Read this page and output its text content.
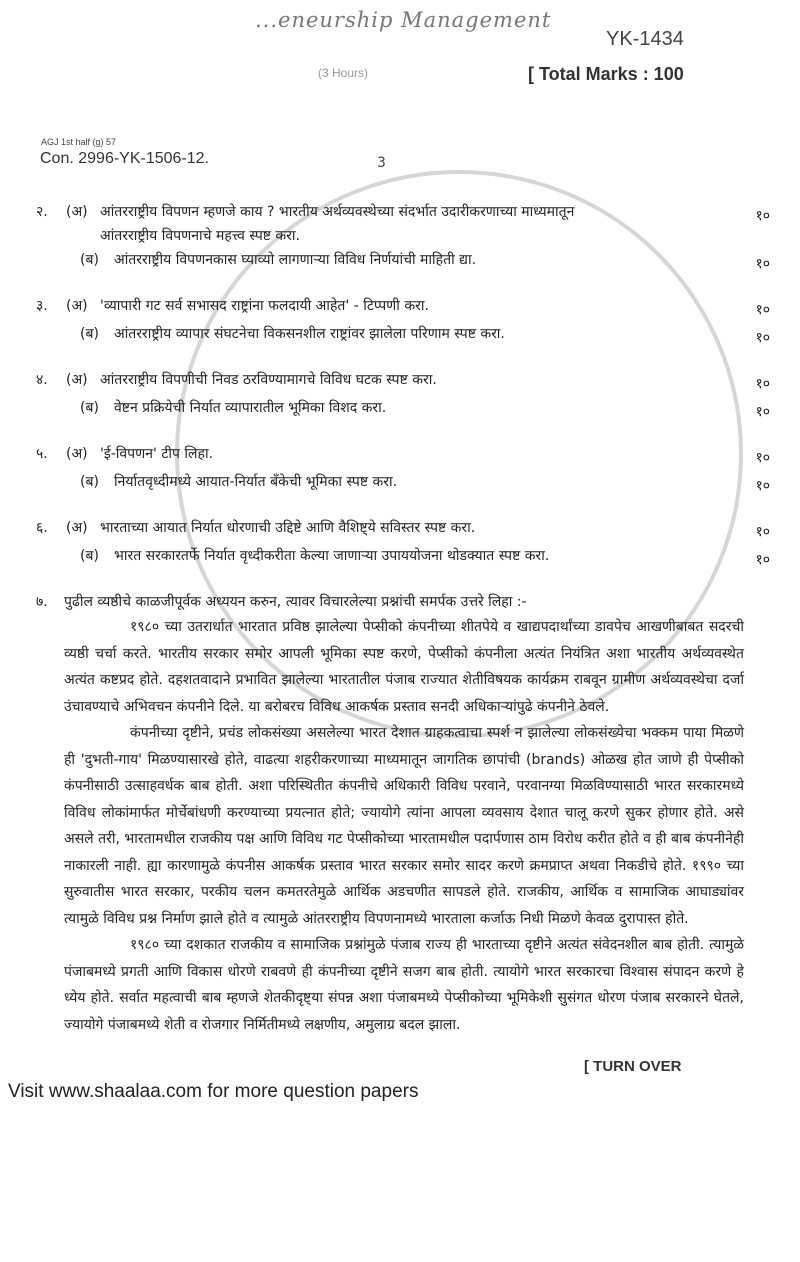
...eneurship Management
YK-1434
(3 Hours)	[ Total Marks : 100
AGJ 1st half (g) 57
Con. 2996-YK-1506-12.	3
२.	(अ) आंतरराष्ट्रीय विपणन म्हणजे काय ? भारतीय अर्थव्यवस्थेच्या संदर्भात उदारीकरणाच्या माध्यमातून
आंतरराष्ट्रीय विपणनाचे महत्त्व स्पष्ट करा.
१०
(ब)	आंतरराष्ट्रीय विपणनकास घ्याव्यो लागणाऱ्या विविध निर्णयांची माहिती द्या.	१०
३.	(अ) 'व्यापारी गट सर्व सभासद राष्ट्रांना फलदायी आहेत' - टिप्पणी करा.	१०
(ब)	आंतरराष्ट्रीय व्यापार संघटनेचा विकसनशील राष्ट्रांवर झालेला परिणाम स्पष्ट करा.	१०
४.	(अ) आंतरराष्ट्रीय विपणीची निवड ठरविण्यामागचे विविध घटक स्पष्ट करा.	१०
(ब)	वेष्टन प्रक्रियेची निर्यात व्यापारातील भूमिका विशद करा.	१०
५.	(अ) 'ई-विपणन' टीप लिहा.	१०
(ब)	निर्यातवृध्दीमध्ये आयात-निर्यात बँकेची भूमिका स्पष्ट करा.	१०
६.	(अ) भारताच्या आयात निर्यात धोरणाची उद्दिष्टे आणि वैशिष्ट्ये सविस्तर स्पष्ट करा.	१०
(ब)	भारत सरकारतर्फे निर्यात वृध्दीकरीता केल्या जाणाऱ्या उपाययोजना थोडक्यात स्पष्ट करा.	१०
७.	पुढील व्यष्ठीचे काळजीपूर्वक अध्ययन करुन, त्यावर विचारलेल्या प्रश्नांची समर्पक उत्तरे लिहा :-

१९८० च्या उतरार्धात भारतात प्रविष्ठ झालेल्या पेप्सीको कंपनीच्या शीतपेये व खाद्यपदार्थांच्या डावपेच आखणीबाबत सदरची व्यष्ठी चर्चा करते. भारतीय सरकार समोर आपली भूमिका स्पष्ट करणे, पेप्सीको कंपनीला अत्यंत नियंत्रित अशा भारतीय अर्थव्यवस्थेत अत्यंत कष्टप्रद होते. दहशतवादाने प्रभावित झालेल्या भारतातील पंजाब राज्यात शेतीविषयक कार्यक्रम राबवून ग्रामीण अर्थव्यवस्थेचा दर्जा उंचावण्याचे अभिवचन कंपनीने दिले. या बरोबरच विविध आकर्षक प्रस्ताव सनदी अधिकाऱ्यांपुढे कंपनीने ठेवले.

कंपनीच्या दृष्टीने, प्रचंड लोकसंख्या असलेल्या भारत देशात ग्राहकत्वाचा स्पर्श न झालेल्या लोकसंख्येचा भक्कम पाया मिळणे ही 'दुभती-गाय' मिळण्यासारखे होते, वाढत्या शहरीकरणाच्या माध्यमातून जागतिक छापांची (brands) ओळख होत जाणे ही पेप्सीको कंपनीसाठी उत्साहवर्धक बाब होती. अशा परिस्थितीत कंपनीचे अधिकारी विविध परवाने, परवानग्या मिळविण्यासाठी भारत सरकारमध्ये विविध लोकांमार्फत मोर्चेबांधणी करण्याच्या प्रयत्नात होते; ज्यायोगे त्यांना आपला व्यवसाय देशात चालू करणे सुकर होणार होते. असे असले तरी, भारतामधील राजकीय पक्ष आणि विविध गट पेप्सीकोच्या भारतामधील पदार्पणास ठाम विरोध करीत होते व ही बाब कंपनीनेही नाकारली नाही. ह्या कारणामुळे कंपनीस आकर्षक प्रस्ताव भारत सरकार समोर सादर करणे क्रमप्राप्त अथवा निकडीचे होते. १९९० च्या सुरुवातीस भारत सरकार, परकीय चलन कमतरतेमुळे आर्थिक अडचणीत सापडले होते. राजकीय, आर्थिक व सामाजिक आघाड्यांवर त्यामुळे विविध प्रश्न निर्माण झाले होते व त्यामुळे आंतरराष्ट्रीय विपणनामध्ये भारताला कर्जाऊ निधी मिळणे केवळ दुरापास्त होते.

१९८० च्या दशकात राजकीय व सामाजिक प्रश्नांमुळे पंजाब राज्य ही भारताच्या दृष्टीने अत्यंत संवेदनशील बाब होती. त्यामुळे पंजाबमध्ये प्रगती आणि विकास धोरणे राबवणे ही कंपनीच्या दृष्टीने सजग बाब होती. त्यायोगे भारत सरकारचा विश्वास संपादन करणे हे ध्येय होते. सर्वात महत्वाची बाब म्हणजे शेतकीदृष्ट्या संपन्न अशा पंजाबमध्ये पेप्सीकोच्या भूमिकेशी सुसंगत धोरण पंजाब सरकारने घेतले, ज्यायोगे पंजाबमध्ये शेती व रोजगार निर्मितीमध्ये लक्षणीय, अमुलाग्र बदल झाला.

[ TURN OVER
Visit www.shaalaa.com for more question papers
